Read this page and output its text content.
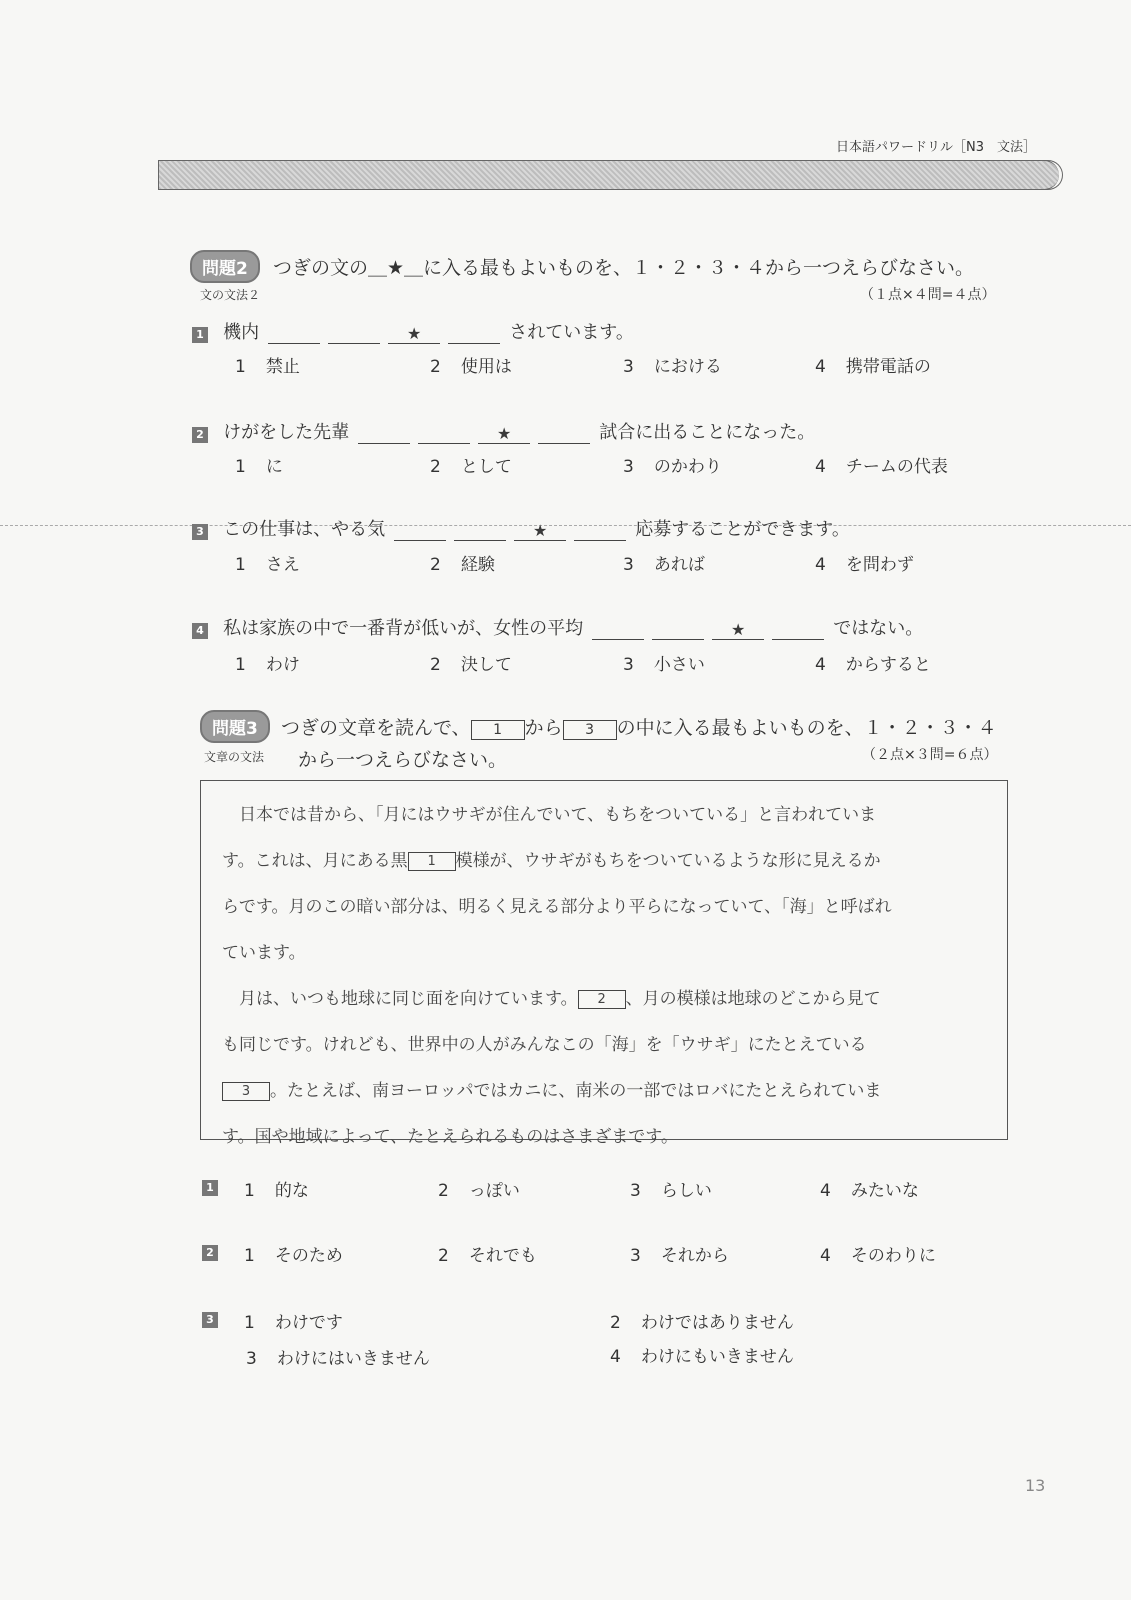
日本語パワードリル［N3　文法］
問題2 つぎの文の＿★＿に入る最もよいものを、１・２・３・４から一つえらびなさい。
文の文法２	（１点×４問=４点）
1 機内	★	されています。
1 禁止	2 使用は	3 における	4 携帯電話の
2 けがをした先輩	★	試合に出ることになった。
1 に	2 として	3 のかわり	4 チームの代表
3 この仕事は、やる気	★	応募することができます。
1 さえ	2 経験	3 あれば	4 を問わず
4 私は家族の中で一番背が低いが、女性の平均	★	ではない。
1 わけ	2 決して	3 小さい	4 からすると
問題3 つぎの文章を読んで、 1 から 3 の中に入る最もよいものを、１・２・３・４
文章の文法 から一つえらびなさい。	（２点×３問=６点）
日本では昔から、「月にはウサギが住んでいて、もちをついている」と言われていま
す。これは、月にある黒 1 模様が、ウサギがもちをついているような形に見えるか
らです。月のこの暗い部分は、明るく見える部分より平らになっていて、「海」と呼ばれ
ています。
月は、いつも地球に同じ面を向けています。 2 、月の模様は地球のどこから見て
も同じです。けれども、世界中の人がみんなこの「海」を「ウサギ」にたとえている
3 。たとえば、南ヨーロッパではカニに、南米の一部ではロバにたとえられていま
す。国や地域によって、たとえられるものはさまざまです。
1 1 的な	2 っぽい	3 らしい	4 みたいな
2 1 そのため	2 それでも	3 それから	4 そのわりに
3 1 わけです	2 わけではありません
3 わけにはいきません	4 わけにもいきません
13
